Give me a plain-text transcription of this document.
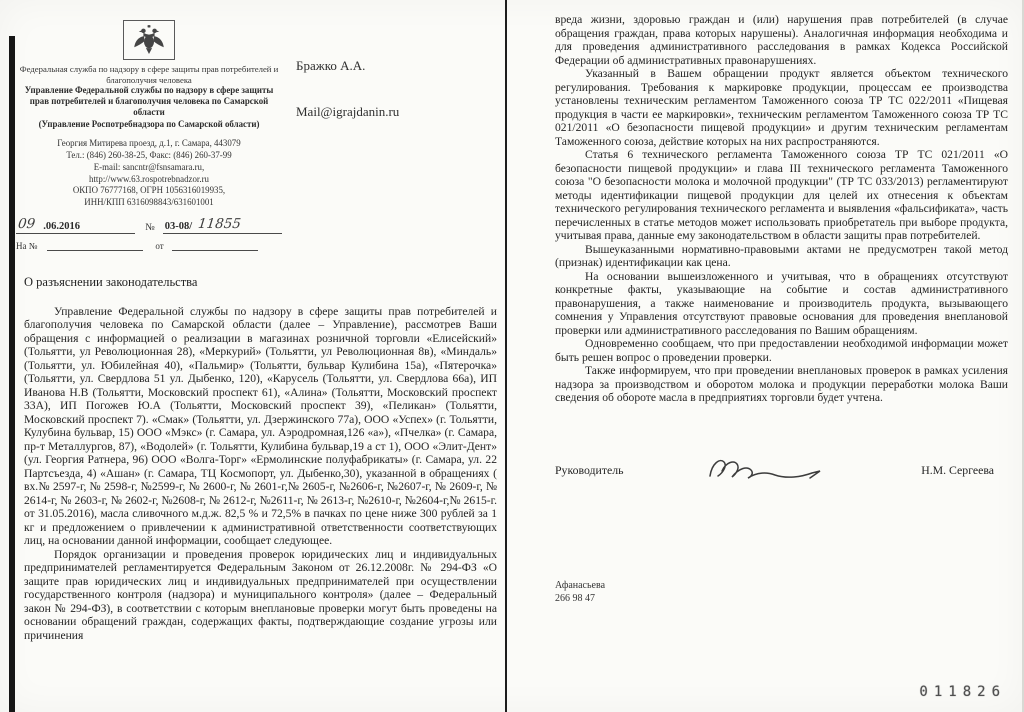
Федеральная служба по надзору в сфере защиты прав потребителей и благополучия человека
Управление Федеральной службы по надзору в сфере защиты прав потребителей и благополучия человека по Самарской области
(Управление Роспотребнадзора по Самарской области)
Георгия Митирева проезд, д.1, г. Самара, 443079
Тел.: (846) 260-38-25, Факс: (846) 260-37-99
E-mail: sancntr@fsnsamara.ru,
http://www.63.rospotrebnadzor.ru
ОКПО 76777168, ОГРН 1056316019935,
ИНН/КПП 6316098843/631601001
09 .06.2016	№ 03-08/ 11855
На №	от
Бражко А.А.
Mail@igrajdanin.ru
О разъяснении законодательства

Управление Федеральной службы по надзору в сфере защиты прав потребителей и благополучия человека по Самарской области (далее – Управление), рассмотрев Ваши обращения с информацией о реализации в магазинах розничной торговли «Елисейский» (Тольятти, ул Революционная 28), «Меркурий» (Тольятти, ул Революционная 8в), «Миндаль» (Тольятти, ул. Юбилейная 40), «Пальмир» (Тольятти, бульвар Кулибина 15а), «Пятерочка» (Тольятти, ул. Свердлова 51 ул. Дыбенко, 120), «Карусель (Тольятти, ул. Свердлова 66а), ИП Иванова Н.В (Тольятти, Московский проспект 61), «Алина» (Тольятти, Московский проспект 33А), ИП Погожев Ю.А (Тольятти, Московский проспект 39), «Пеликан» (Тольятти, Московский проспект 7). «Смак» (Тольятти, ул. Дзержинского 77а), ООО «Успех» (г. Тольятти, Кулубина бульвар, 15) ООО «Мэкс» (г. Самара, ул. Аэродромная,126 «а»), «Пчелка» (г. Самара, пр-т Металлургов, 87), «Водолей» (г. Тольятти, Кулибина бульвар,19 а ст 1), ООО «Элит-Дент» (ул. Георгия Ратнера, 96) ООО «Волга-Торг» «Ермолинские полуфабрикаты» (г. Самара, ул. 22 Партсъезда, 4) «Ашан» (г. Самара, ТЦ Космопорт, ул. Дыбенко,30), указанной в обращениях ( вх.№ 2597-г, № 2598-г, №2599-г, № 2600-г, № 2601-г,№ 2605-г, №2606-г, №2607-г, № 2609-г, № 2614-г, № 2603-г, № 2602-г, №2608-г, № 2612-г, №2611-г, № 2613-г, №2610-г, №2604-г,№ 2615-г. от 31.05.2016), масла сливочного м.д.ж. 82,5 % и 72,5% в пачках по цене ниже 300 рублей за 1 кг и предложением о привлечении к административной ответственности соответствующих лиц, на основании данной информации, сообщает следующее.

Порядок организации и проведения проверок юридических лиц и индивидуальных предпринимателей регламентируется Федеральным Законом от 26.12.2008г. № 294-ФЗ «О защите прав юридических лиц и индивидуальных предпринимателей при осуществлении государственного контроля (надзора) и муниципального контроля» (далее – Федеральный закон № 294-ФЗ), в соответствии с которым внеплановые проверки могут быть проведены на основании обращений граждан, содержащих факты, подтверждающие создание угрозы или причинения

вреда жизни, здоровью граждан и (или) нарушения прав потребителей (в случае обращения граждан, права которых нарушены). Аналогичная информация необходима и для проведения административного расследования в рамках Кодекса Российской Федерации об административных правонарушениях.

Указанный в Вашем обращении продукт является объектом технического регулирования. Требования к маркировке продукции, процессам ее производства установлены техническим регламентом Таможенного союза ТР ТС 022/2011 «Пищевая продукция в части ее маркировки», техническим регламентом Таможенного союза ТР ТС 021/2011 «О безопасности пищевой продукции» и другим техническим регламентам Таможенного союза, действие которых на них распространяются.

Статья 6 технического регламента Таможенного союза ТР ТС 021/2011 «О безопасности пищевой продукции» и глава III технического регламента Таможенного союза "О безопасности молока и молочной продукции" (ТР ТС 033/2013) регламентируют методы идентификации пищевой продукции для целей их отнесения к объектам технического регулирования технического регламента и выявления «фальсификата», часть перечисленных в статье методов может использовать приобретатель при выборе продукта, учитывая права, данные ему законодательством в области защиты прав потребителей.

Вышеуказанными нормативно-правовыми актами не предусмотрен такой метод (признак) идентификации как цена.

На основании вышеизложенного и учитывая, что в обращениях отсутствуют конкретные факты, указывающие на событие и состав административного правонарушения, а также наименование и производитель продукта, вызывающего сомнения у Управления отсутствуют правовые основания для проведения внеплановой проверки или административного расследования по Вашим обращениям.

Одновременно сообщаем, что при предоставлении необходимой информации может быть решен вопрос о проведении проверки.

Также информируем, что при проведении внеплановых проверок в рамках усиления надзора за производством и оборотом молока и продукции переработки молока Ваши сведения об обороте масла в предприятиях торговли будет учтена.

Руководитель	Н.М. Сергеева
Афанасьева
266 98 47
011826
